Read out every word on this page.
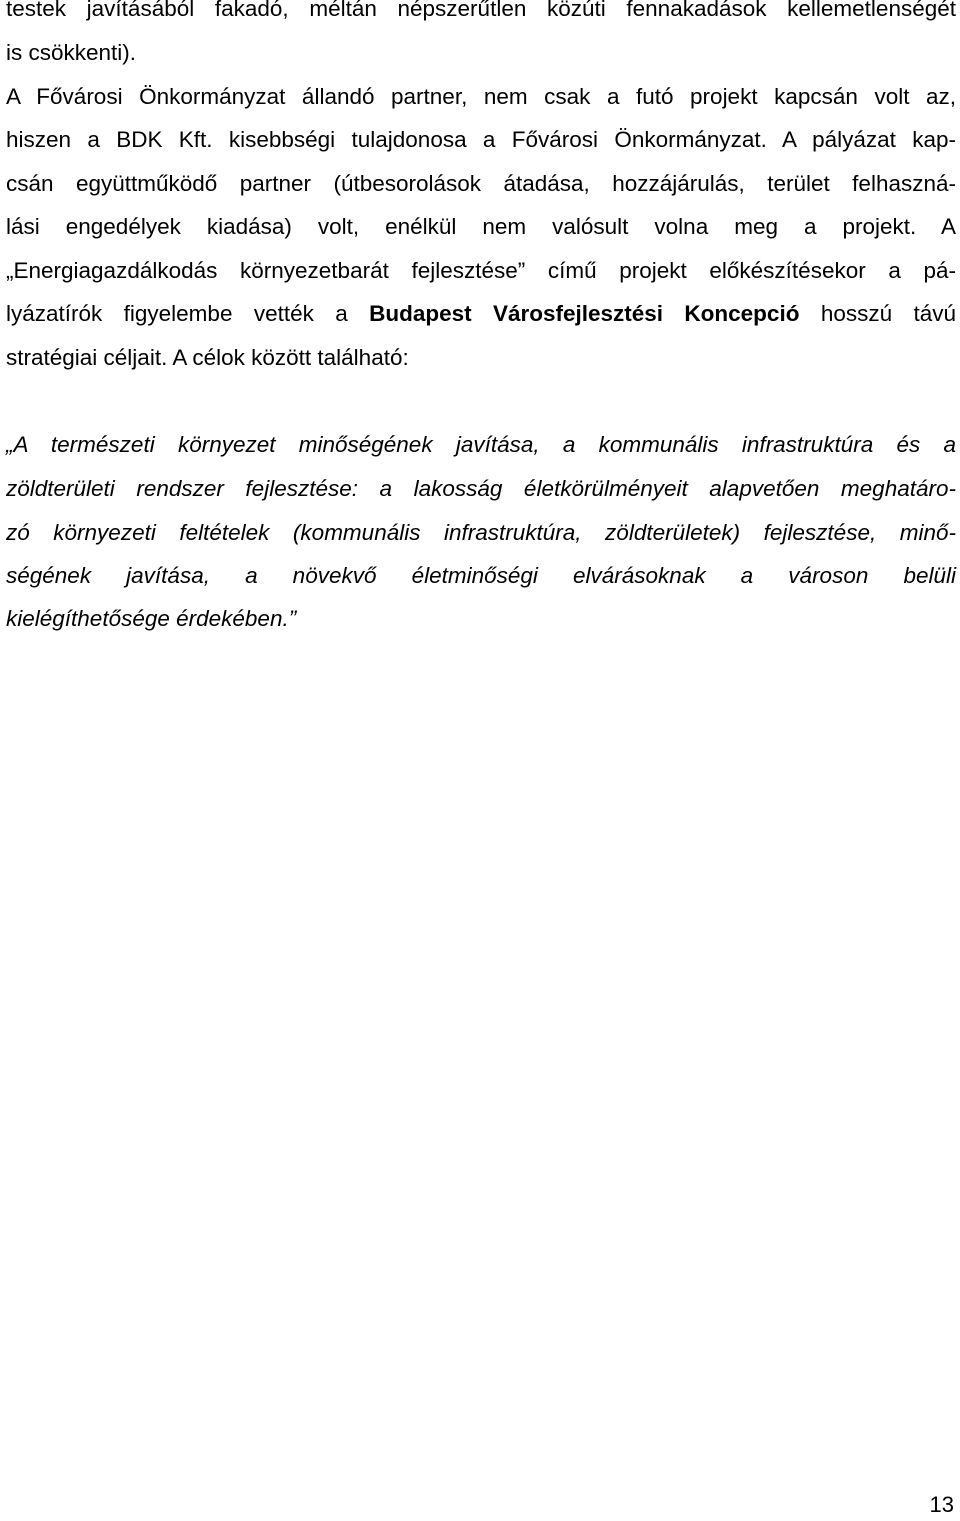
testek javításából fakadó, méltán népszerűtlen közúti fennakadások kellemetlenségét
is csökkenti).
A Fővárosi Önkormányzat állandó partner, nem csak a futó projekt kapcsán volt az,
hiszen a BDK Kft. kisebbségi tulajdonosa a Fővárosi Önkormányzat. A pályázat kap-
csán együttműködő partner (útbesorolások átadása, hozzájárulás, terület felhaszná-
lási engedélyek kiadása) volt, enélkül nem valósult volna meg a projekt. A
„Energiagazdálkodás környezetbarát fejlesztése” című projekt előkészítésekor a pá-
lyázatírók figyelembe vették a Budapest Városfejlesztési Koncepció hosszú távú
stratégiai céljait. A célok között található:
„A természeti környezet minőségének javítása, a kommunális infrastruktúra és a
zöldterületi rendszer fejlesztése: a lakosság életkörülményeit alapvetően meghatáro-
zó környezeti feltételek (kommunális infrastruktúra, zöldterületek) fejlesztése, minő-
ségének javítása, a növekvő életminőségi elvárásoknak a városon belüli
kielégíthetősége érdekében.”
13
